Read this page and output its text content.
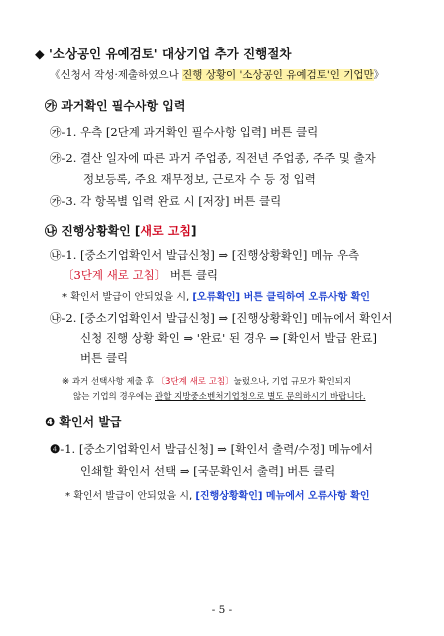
◆ '소상공인 유예검토' 대상기업 추가 진행절차
《신청서 작성·제출하였으나 진행 상황이 '소상공인 유예검토'인 기업만》
㉮ 과거확인 필수사항 입력
㉮-1. 우측 [2단계 과거확인 필수사항 입력] 버튼 클릭
㉮-2. 결산 일자에 따른 과거 주업종, 직전년 주업종, 주주 및 출자
정보등록, 주요 재무정보, 근로자 수 등 정 입력
㉮-3. 각 항목별 입력 완료 시 [저장] 버튼 클릭
㉯ 진행상황확인 [새로 고침]
㉯-1. [중소기업확인서 발급신청] ⇒ [진행상황확인] 메뉴 우측
〔3단계 새로 고침〕 버튼 클릭
* 확인서 발급이 안되었을 시, [오류확인] 버튼 클릭하여 오류사항 확인
㉯-2. [중소기업확인서 발급신청] ⇒ [진행상황확인] 메뉴에서 확인서
신청 진행 상황 확인 ⇒ '완료' 된 경우 ⇒ [확인서 발급 완료]
버튼 클릭
※ 과거 선택사항 제출 후 〔3단계 새로 고침〕눌렀으나, 기업 규모가 확인되지
않는 기업의 경우에는 관할 지방중소벤처기업청으로 별도 문의하시기 바랍니다.
❹ 확인서 발급
❹-1. [중소기업확인서 발급신청] ⇒ [확인서 출력/수정] 메뉴에서
인쇄할 확인서 선택 ⇒ [국문확인서 출력] 버튼 클릭
* 확인서 발급이 안되었을 시, [진행상황확인] 메뉴에서 오류사항 확인
- 5 -
